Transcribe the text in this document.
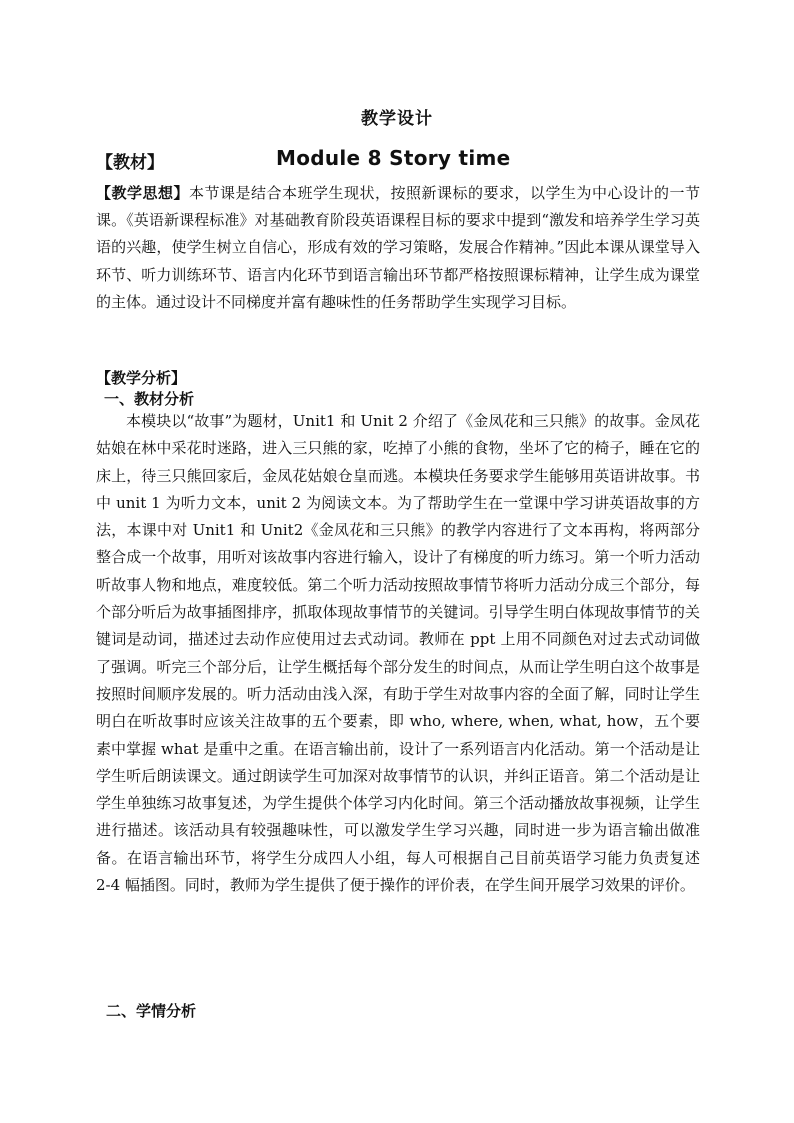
教学设计
【教材】	Module 8 Story time
【教学思想】本节课是结合本班学生现状，按照新课标的要求，以学生为中心设计的一节课。《英语新课程标准》对基础教育阶段英语课程目标的要求中提到“激发和培养学生学习英语的兴趣，使学生树立自信心，形成有效的学习策略，发展合作精神。”因此本课从课堂导入环节、听力训练环节、语言内化环节到语言输出环节都严格按照课标精神，让学生成为课堂的主体。通过设计不同梯度并富有趣味性的任务帮助学生实现学习目标。
【教学分析】
一、教材分析
本模块以“故事”为题材，Unit1 和 Unit 2 介绍了《金凤花和三只熊》的故事。金凤花姑娘在林中采花时迷路，进入三只熊的家，吃掉了小熊的食物，坐坏了它的椅子，睡在它的床上，待三只熊回家后，金凤花姑娘仓皇而逃。本模块任务要求学生能够用英语讲故事。书中 unit 1 为听力文本，unit 2 为阅读文本。为了帮助学生在一堂课中学习讲英语故事的方法，本课中对 Unit1 和 Unit2《金凤花和三只熊》的教学内容进行了文本再构，将两部分整合成一个故事，用听对该故事内容进行输入，设计了有梯度的听力练习。第一个听力活动听故事人物和地点，难度较低。第二个听力活动按照故事情节将听力活动分成三个部分，每个部分听后为故事插图排序，抓取体现故事情节的关键词。引导学生明白体现故事情节的关键词是动词，描述过去动作应使用过去式动词。教师在 ppt 上用不同颜色对过去式动词做了强调。听完三个部分后，让学生概括每个部分发生的时间点，从而让学生明白这个故事是按照时间顺序发展的。听力活动由浅入深，有助于学生对故事内容的全面了解，同时让学生明白在听故事时应该关注故事的五个要素，即 who, where, when, what, how，五个要素中掌握 what 是重中之重。在语言输出前，设计了一系列语言内化活动。第一个活动是让学生听后朗读课文。通过朗读学生可加深对故事情节的认识，并纠正语音。第二个活动是让学生单独练习故事复述，为学生提供个体学习内化时间。第三个活动播放故事视频，让学生进行描述。该活动具有较强趣味性，可以激发学生学习兴趣，同时进一步为语言输出做准备。在语言输出环节，将学生分成四人小组，每人可根据自己目前英语学习能力负责复述 2-4 幅插图。同时，教师为学生提供了便于操作的评价表，在学生间开展学习效果的评价。
二、学情分析
